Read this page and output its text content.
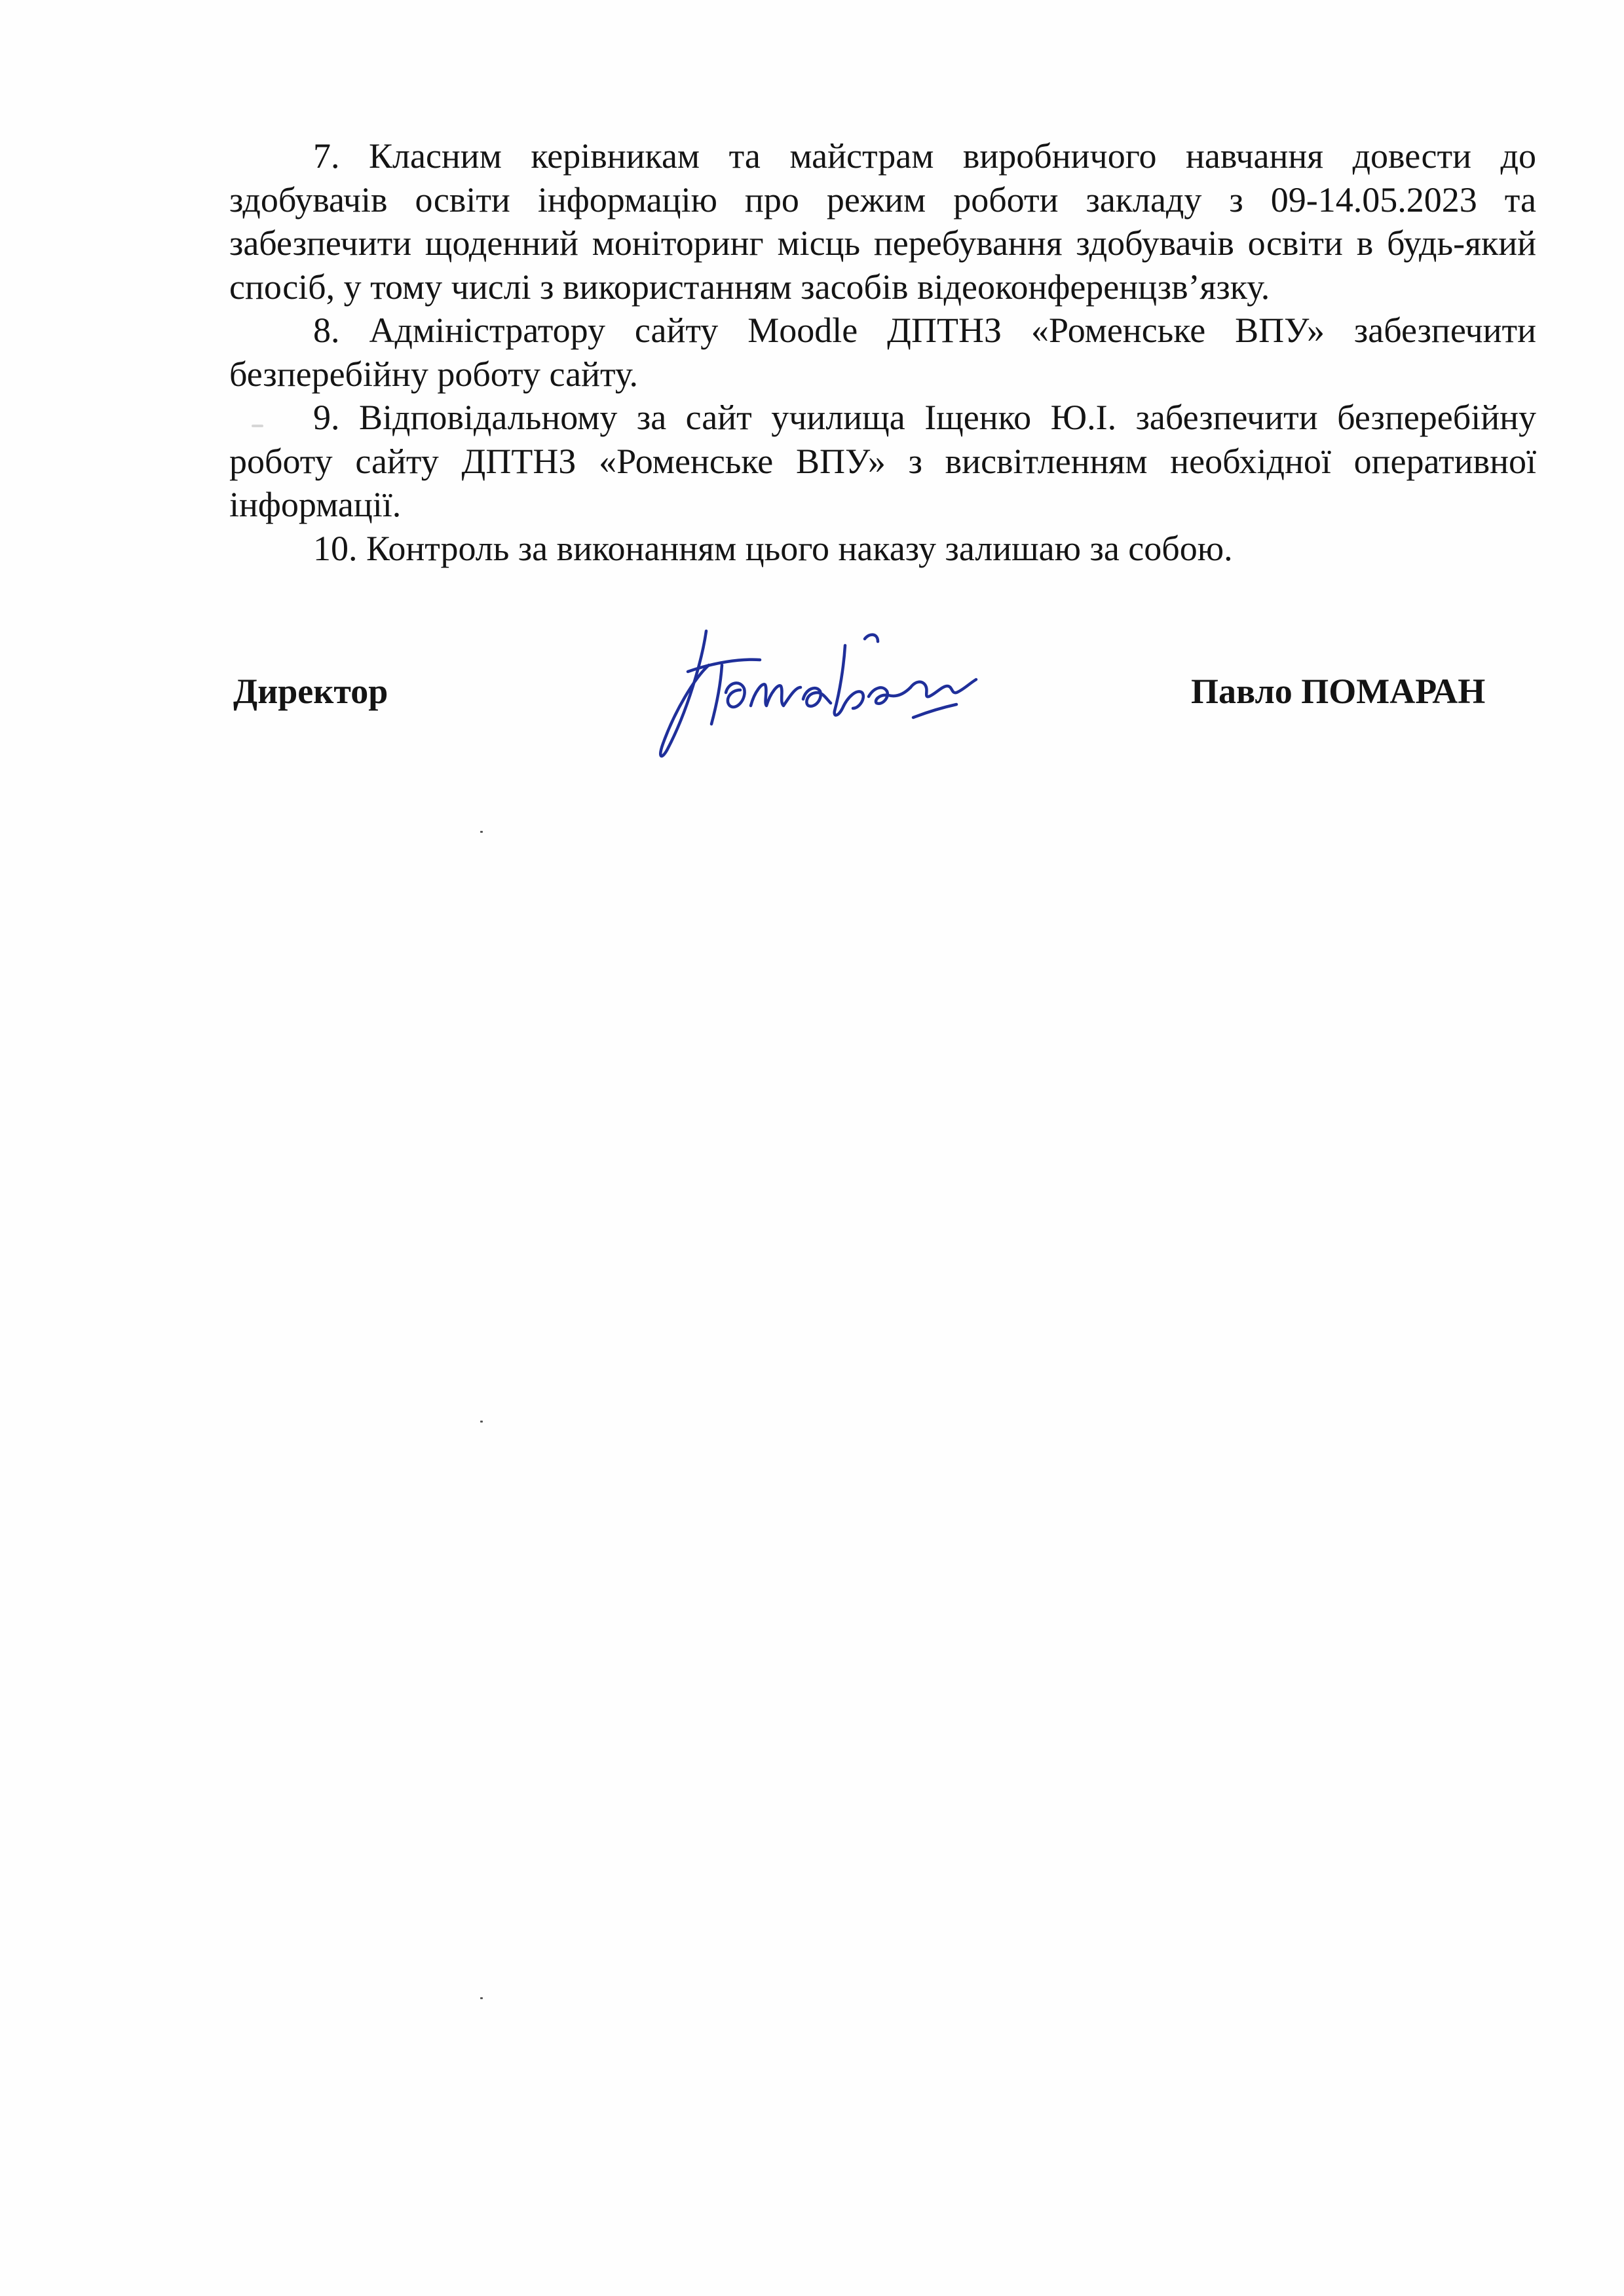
7. Класним керівникам та майстрам виробничого навчання довести до здобувачів освіти інформацію про режим роботи закладу з 09-14.05.2023 та забезпечити щоденний моніторинг місць перебування здобувачів освіти в будь-який спосіб, у тому числі з використанням засобів відеоконференцзв’язку.

8. Адміністратору сайту Moodle ДПТНЗ «Роменське ВПУ» забезпечити безперебійну роботу сайту.

9. Відповідальному за сайт училища Іщенко Ю.І. забезпечити безперебійну роботу сайту ДПТНЗ «Роменське ВПУ» з висвітленням необхідної оперативної інформації.

10. Контроль за виконанням цього наказу залишаю за собою.

Директор	Павло ПОМАРАН
